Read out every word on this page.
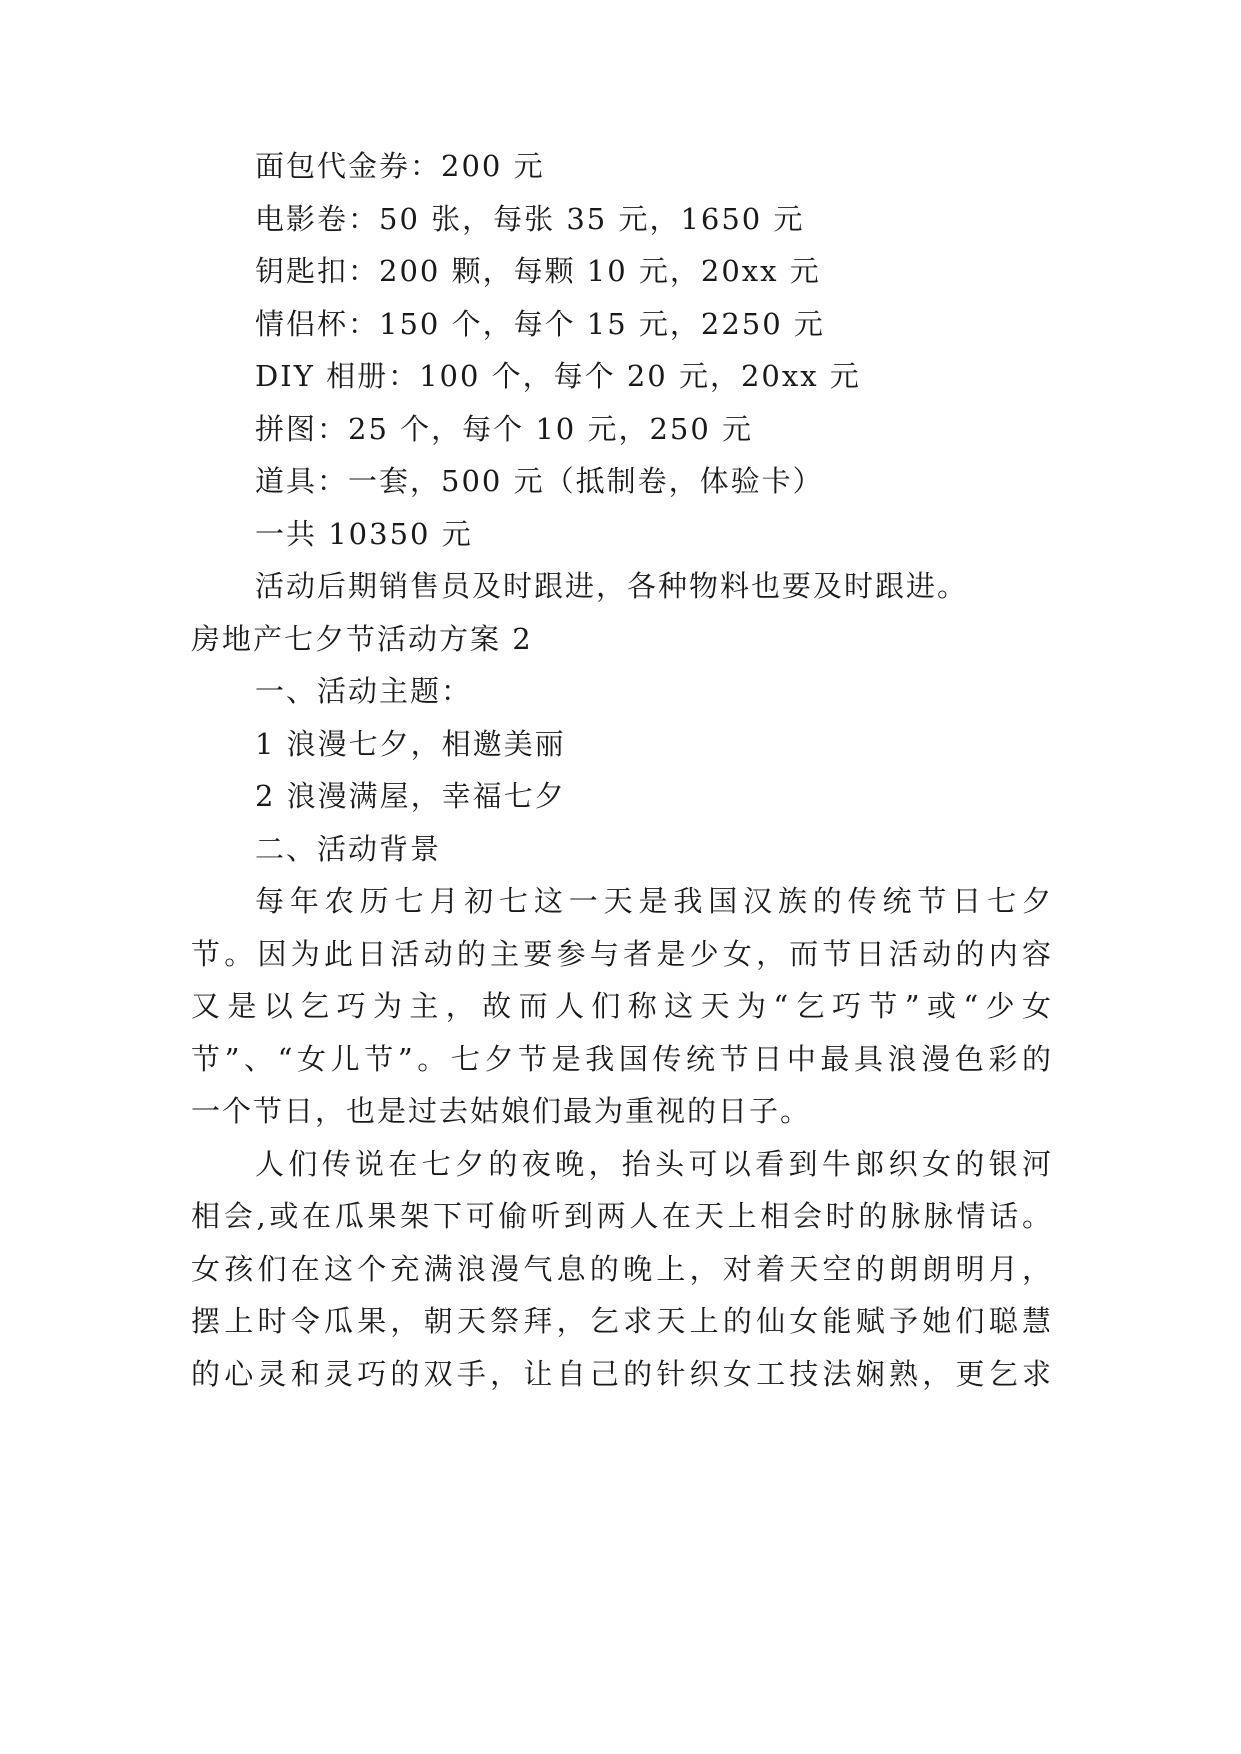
面包代金券：200 元
电影卷：50 张，每张 35 元，1650 元
钥匙扣：200 颗，每颗 10 元，20xx 元
情侣杯：150 个，每个 15 元，2250 元
DIY 相册：100 个，每个 20 元，20xx 元
拼图：25 个，每个 10 元，250 元
道具：一套，500 元（抵制卷，体验卡）
一共 10350 元
活动后期销售员及时跟进，各种物料也要及时跟进。
房地产七夕节活动方案 2
一、活动主题：
1 浪漫七夕，相邀美丽
2 浪漫满屋，幸福七夕
二、活动背景
每年农历七月初七这一天是我国汉族的传统节日七夕
节。因为此日活动的主要参与者是少女，而节日活动的内容
又是以乞巧为主，故而人们称这天为“乞巧节”或“少女
节”、“女儿节”。七夕节是我国传统节日中最具浪漫色彩的
一个节日，也是过去姑娘们最为重视的日子。
人们传说在七夕的夜晚，抬头可以看到牛郎织女的银河
相会,或在瓜果架下可偷听到两人在天上相会时的脉脉情话。
女孩们在这个充满浪漫气息的晚上，对着天空的朗朗明月，
摆上时令瓜果，朝天祭拜，乞求天上的仙女能赋予她们聪慧
的心灵和灵巧的双手，让自己的针织女工技法娴熟，更乞求
